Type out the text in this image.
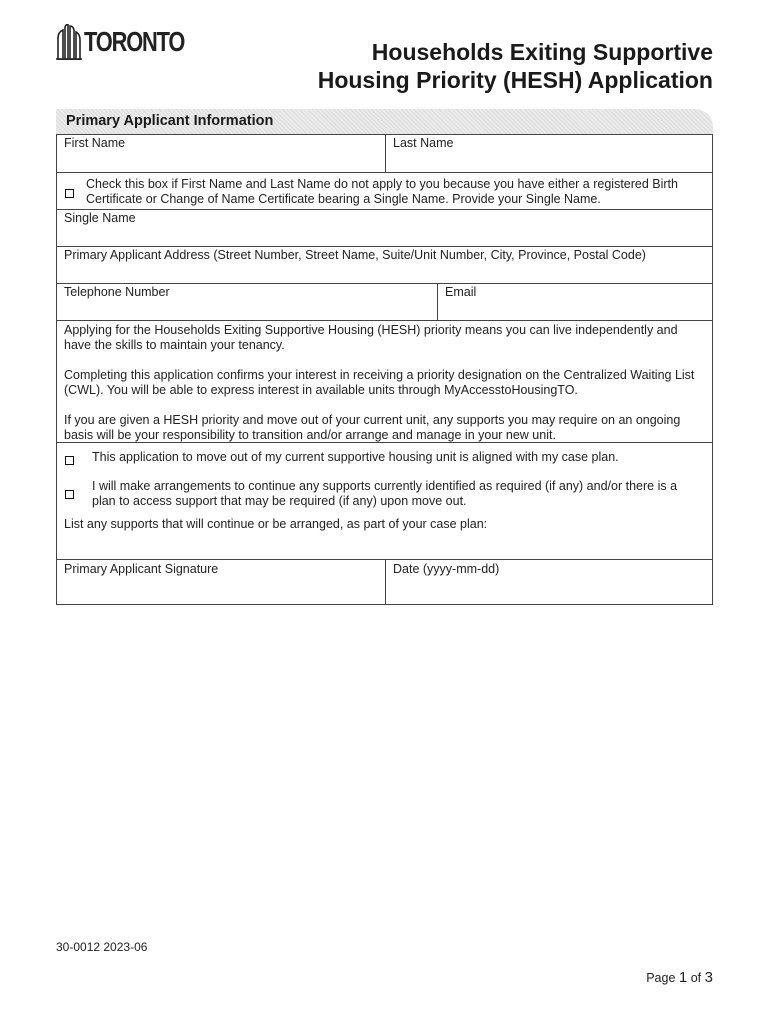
TORONTO	Households Exiting Supportive
Housing Priority (HESH) Application
Primary Applicant Information
First Name	Last Name
Check this box if First Name and Last Name do not apply to you because you have either a registered Birth
Certificate or Change of Name Certificate bearing a Single Name. Provide your Single Name.
Single Name
Primary Applicant Address (Street Number, Street Name, Suite/Unit Number, City, Province, Postal Code)
Telephone Number	Email
Applying for the Households Exiting Supportive Housing (HESH) priority means you can live independently and
have the skills to maintain your tenancy.
Completing this application confirms your interest in receiving a priority designation on the Centralized Waiting List
(CWL). You will be able to express interest in available units through MyAccesstoHousingTO.
If you are given a HESH priority and move out of your current unit, any supports you may require on an ongoing
basis will be your responsibility to transition and/or arrange and manage in your new unit.
This application to move out of my current supportive housing unit is aligned with my case plan.
I will make arrangements to continue any supports currently identified as required (if any) and/or there is a
plan to access support that may be required (if any) upon move out.
List any supports that will continue or be arranged, as part of your case plan:
Primary Applicant Signature	Date (yyyy-mm-dd)
30-0012 2023-06
Page 1 of 3
